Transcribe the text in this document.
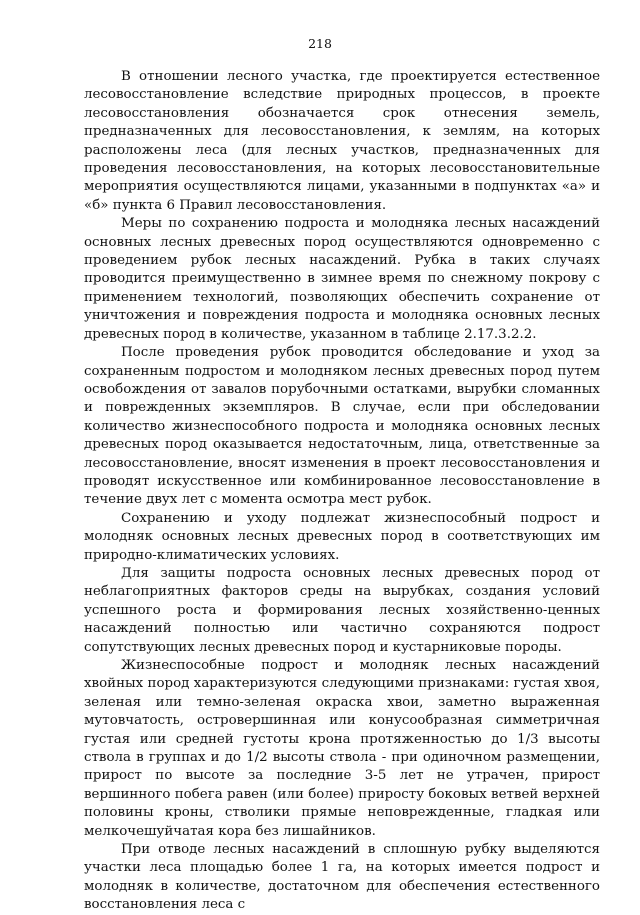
218

В отношении лесного участка, где проектируется естественное лесовосстановление вследствие природных процессов, в проекте лесовосстановления обозначается срок отнесения земель, предназначенных для лесовосстановления, к землям, на которых расположены леса (для лесных участков, предназначенных для проведения лесовосстановления, на которых лесовосстановительные мероприятия осуществляются лицами, указанными в подпунктах «а» и «б» пункта 6 Правил лесовосстановления.

Меры по сохранению подроста и молодняка лесных насаждений основных лесных древесных пород осуществляются одновременно с проведением рубок лесных насаждений. Рубка в таких случаях проводится преимущественно в зимнее время по снежному покрову с применением технологий, позволяющих обеспечить сохранение от уничтожения и повреждения подроста и молодняка основных лесных древесных пород в количестве, указанном в таблице 2.17.3.2.2.

После проведения рубок проводится обследование и уход за сохраненным подростом и молодняком лесных древесных пород путем освобождения от завалов порубочными остатками, вырубки сломанных и поврежденных экземпляров. В случае, если при обследовании количество жизнеспособного подроста и молодняка основных лесных древесных пород оказывается недостаточным, лица, ответственные за лесовосстановление, вносят изменения в проект лесовосстановления и проводят искусственное или комбинированное лесовосстановление в течение двух лет с момента осмотра мест рубок.

Сохранению и уходу подлежат жизнеспособный подрост и молодняк основных лесных древесных пород в соответствующих им природно-климатических условиях.

Для защиты подроста основных лесных древесных пород от неблагоприятных факторов среды на вырубках, создания условий успешного роста и формирования лесных хозяйственно-ценных насаждений полностью или частично сохраняются подрост сопутствующих лесных древесных пород и кустарниковые породы.

Жизнеспособные подрост и молодняк лесных насаждений хвойных пород характеризуются следующими признаками: густая хвоя, зеленая или темно-зеленая окраска хвои, заметно выраженная мутовчатость, островершинная или конусообразная симметричная густая или средней густоты крона протяженностью до 1/3 высоты ствола в группах и до 1/2 высоты ствола - при одиночном размещении, прирост по высоте за последние 3-5 лет не утрачен, прирост вершинного побега равен (или более) приросту боковых ветвей верхней половины кроны, стволики прямые неповрежденные, гладкая или мелкочешуйчатая кора без лишайников.

При отводе лесных насаждений в сплошную рубку выделяются участки леса площадью более 1 га, на которых имеется подрост и молодняк в количестве, достаточном для обеспечения естественного восстановления леса с
